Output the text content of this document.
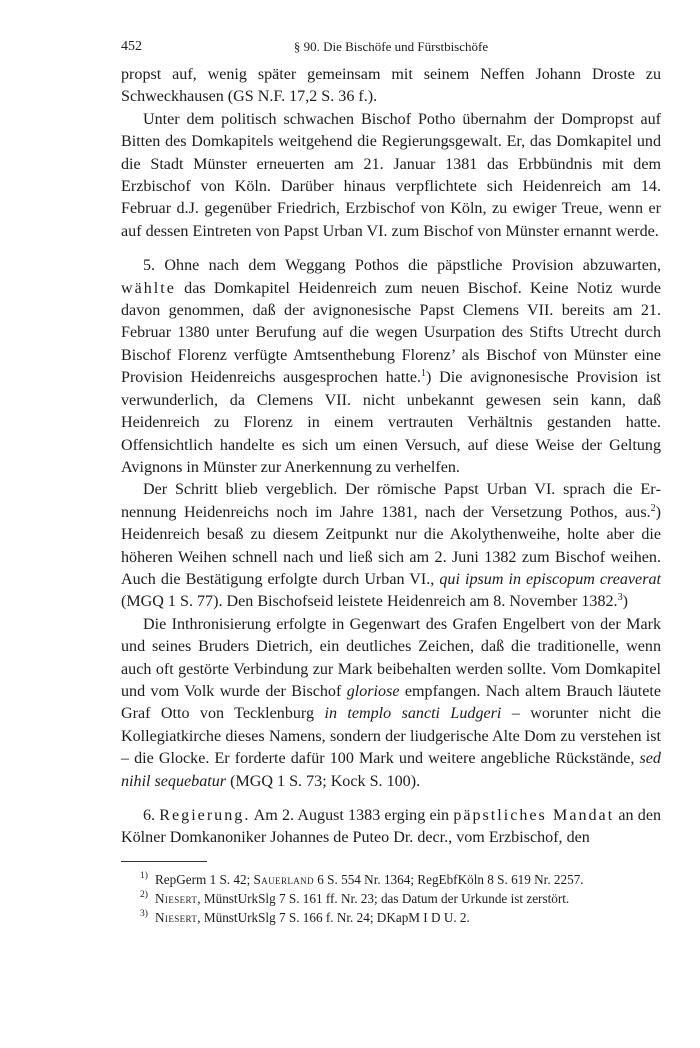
452	§ 90. Die Bischöfe und Fürstbischöfe

propst auf, wenig später gemeinsam mit seinem Neffen Johann Droste zu Schweckhausen (GS N.F. 17,2 S. 36 f.).

Unter dem politisch schwachen Bischof Potho übernahm der Dompropst auf Bitten des Domkapitels weitgehend die Regierungsgewalt. Er, das Domkapitel und die Stadt Münster erneuerten am 21. Januar 1381 das Erbbündnis mit dem Erzbischof von Köln. Darüber hinaus verpflichtete sich Heidenreich am 14. Februar d.J. gegenüber Friedrich, Erzbischof von Köln, zu ewiger Treue, wenn er auf dessen Eintreten von Papst Urban VI. zum Bischof von Münster ernannt werde.

5. Ohne nach dem Weggang Pothos die päpstliche Provision abzuwarten, wählte das Domkapitel Heidenreich zum neuen Bischof. Keine Notiz wurde davon genommen, daß der avignonesische Papst Clemens VII. bereits am 21. Februar 1380 unter Berufung auf die wegen Usurpation des Stifts Utrecht durch Bischof Florenz verfügte Amtsenthebung Florenz’ als Bischof von Münster eine Provision Heidenreichs ausgesprochen hatte.$^1$) Die avignonesische Provision ist verwunderlich, da Clemens VII. nicht unbekannt gewesen sein kann, daß Heidenreich zu Florenz in einem vertrauten Verhältnis gestanden hatte. Offensichtlich handelte es sich um einen Versuch, auf diese Weise der Geltung Avignons in Münster zur Anerkennung zu verhelfen.

Der Schritt blieb vergeblich. Der römische Papst Urban VI. sprach die Ernennung Heidenreichs noch im Jahre 1381, nach der Versetzung Pothos, aus.$^2$) Heidenreich besaß zu diesem Zeitpunkt nur die Akolythenweihe, holte aber die höheren Weihen schnell nach und ließ sich am 2. Juni 1382 zum Bischof weihen. Auch die Bestätigung erfolgte durch Urban VI., qui ipsum in episcopum creaverat (MGQ 1 S. 77). Den Bischofseid leistete Heidenreich am 8. November 1382.$^3$)

Die Inthronisierung erfolgte in Gegenwart des Grafen Engelbert von der Mark und seines Bruders Dietrich, ein deutliches Zeichen, daß die traditionelle, wenn auch oft gestörte Verbindung zur Mark beibehalten werden sollte. Vom Domkapitel und vom Volk wurde der Bischof gloriose empfangen. Nach altem Brauch läutete Graf Otto von Tecklenburg in templo sancti Ludgeri – worunter nicht die Kollegiatkirche dieses Namens, sondern der liudgerische Alte Dom zu verstehen ist – die Glocke. Er forderte dafür 100 Mark und weitere angebliche Rückstände, sed nihil sequebatur (MGQ 1 S. 73; Kock S. 100).

6. Regierung. Am 2. August 1383 erging ein päpstliches Mandat an den Kölner Domkanoniker Johannes de Puteo Dr. decr., vom Erzbischof, den

1) RepGerm 1 S. 42; Sauerland 6 S. 554 Nr. 1364; RegEbfKöln 8 S. 619 Nr. 2257.
2) Niesert, MünstUrkSlg 7 S. 161 ff. Nr. 23; das Datum der Urkunde ist zerstört.
3) Niesert, MünstUrkSlg 7 S. 166 f. Nr. 24; DKapM I D U. 2.
